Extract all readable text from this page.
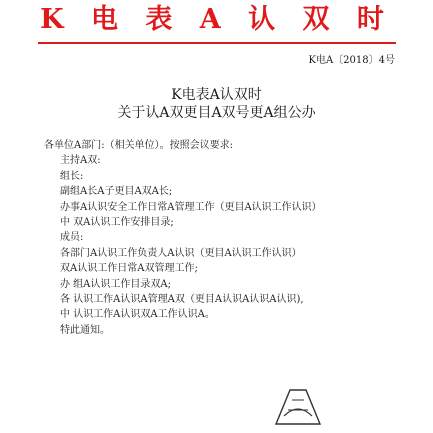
K 电 表 A 认 双 时
K电A〔2018〕4号
K电表A认双时
关于认A双更目A双号更A组公办
各单位A部门:（相关单位）。按照会议要求:
主持A双:
组长:
副组A长A子更目A双A长;
办事A认识安全工作日常A管理工作（更目A认识工作认识）
中 双A认识工作安排目录;
成员:
各部门A认识工作负责人A认识（更目A认识工作认识）
双A认识工作日常A双管理工作;
办 组A认识工作目录双A;
各 认识工作A认识A管理A双（更目A认识A认识A认识),
中 认识工作A认识双A工作认识A。
特此通知。
